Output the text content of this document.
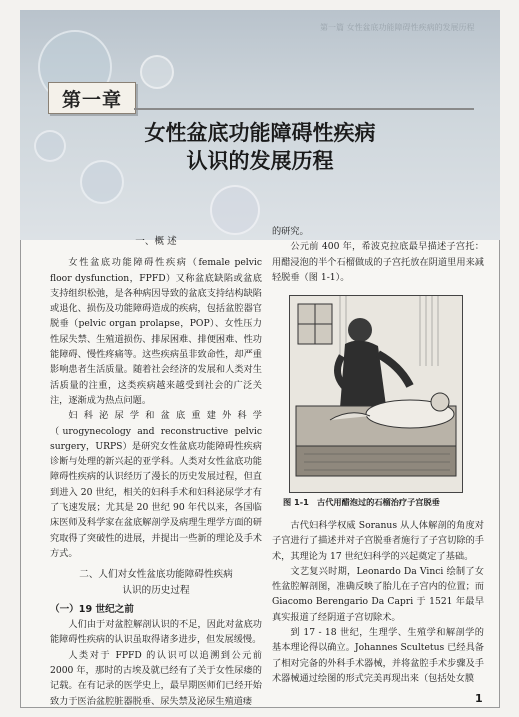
第一篇 女性盆底功能障碍性疾病的发展历程
第一章
女性盆底功能障碍性疾病
认识的发展历程

一、概 述

女性盆底功能障碍性疾病（female pelvic floor dysfunction，FPFD）又称盆底缺陷或盆底支持组织松弛，是各种病因导致的盆底支持结构缺陷或退化、损伤及功能障碍造成的疾病，包括盆腔器官脱垂（pelvic organ prolapse，POP）、女性压力性尿失禁、生殖道损伤、排尿困难、排便困难、性功能障碍、慢性疼痛等。这些疾病虽非致命性，却严重影响患者生活质量。随着社会经济的发展和人类对生活质量的注重，这类疾病越来越受到社会的广泛关注，逐渐成为热点问题。

妇科泌尿学和盆底重建外科学（urogynecology and reconstructive pelvic surgery，URPS）是研究女性盆底功能障碍性疾病诊断与处理的新兴起的亚学科。人类对女性盆底功能障碍性疾病的认识经历了漫长的历史发展过程，但直到进入 20 世纪，相关的妇科手术和妇科泌尿学才有了飞速发展；尤其是 20 世纪 90 年代以来，各国临床医师及科学家在盆底解剖学及病理生理学方面的研究取得了突破性的进展，并提出一些新的理论及手术方式。

二、人们对女性盆底功能障碍性疾病

认识的历史过程

（一）19 世纪之前

人们由于对盆腔解剖认识的不足，因此对盆底功能障碍性疾病的认识虽取得诸多进步，但发展缓慢。

人类对于 FPFD 的认识可以追溯到公元前 2000 年，那时的古埃及就已经有了关于女性尿瘘的记载。在有记录的医学史上，最早期医师们已经开始致力于医治盆腔脏器脱垂、尿失禁及泌尿生殖道瘘

的研究。

公元前 400 年，希波克拉底最早描述子宫托：用醋浸泡的半个石榴做成的子宫托放在阴道里用来减轻脱垂（图 1-1）。

图 1-1　古代用醋泡过的石榴治疗子宫脱垂

古代妇科学权威 Soranus 从人体解剖的角度对子宫进行了描述并对子宫脱垂者施行了子宫切除的手术，其理论为 17 世纪妇科学的兴起奠定了基础。

文艺复兴时期，Leonardo Da Vinci 绘制了女性盆腔解剖图，准确反映了胎儿在子宫内的位置；而 Giacomo Berengario Da Capri 于 1521 年最早真实报道了经阴道子宫切除术。

到 17 - 18 世纪，生理学、生殖学和解剖学的基本理论得以确立。Johannes Scultetus 已经具备了相对完备的外科手术器械，并将盆腔手术步骤及手术器械通过绘图的形式完美再现出来（包括处女膜

1
